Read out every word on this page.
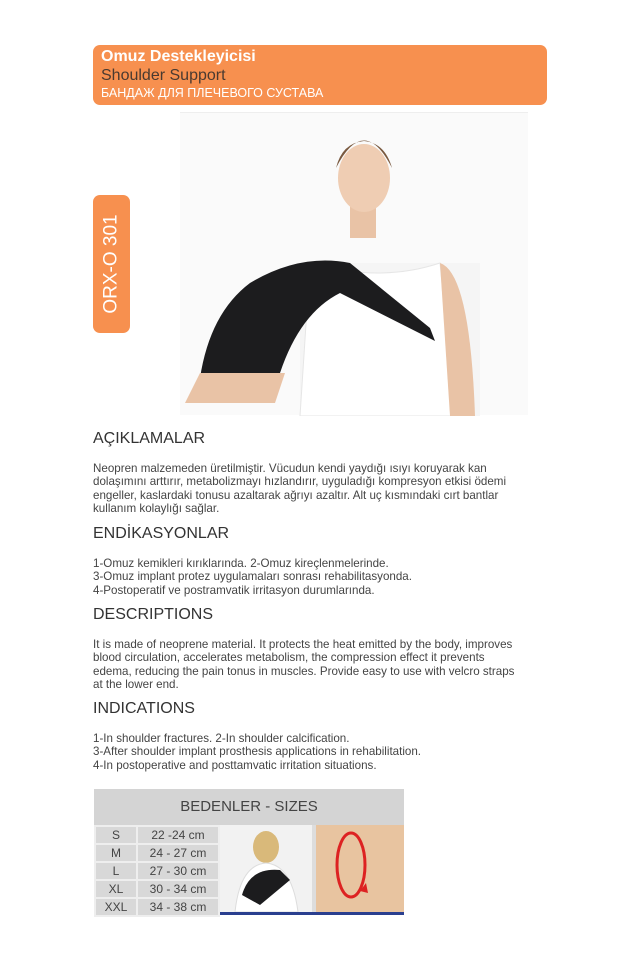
Omuz Destekleyicisi
Shoulder Support
БАНДАЖ ДЛЯ ПЛЕЧЕВОГО СУСТАВА
ORX-O 301
AÇIKLAMALAR
Neopren malzemeden üretilmiştir. Vücudun kendi yaydığı ısıyı koruyarak kan
dolaşımını arttırır, metabolizmayı hızlandırır, uyguladığı kompresyon etkisi ödemi
engeller, kaslardaki tonusu azaltarak ağrıyı azaltır. Alt uç kısmındaki cırt bantlar
kullanım kolaylığı sağlar.
ENDİKASYONLAR
1-Omuz kemikleri kırıklarında. 2-Omuz kireçlenmelerinde.
3-Omuz implant protez uygulamaları sonrası rehabilitasyonda.
4-Postoperatif ve postramvatik irritasyon durumlarında.
DESCRIPTIONS
It is made of neoprene material. It protects the heat emitted by the body, improves
blood circulation, accelerates metabolism, the compression effect it prevents
edema, reducing the pain tonus in muscles. Provide easy to use with velcro straps
at the lower end.
INDICATIONS
1-In shoulder fractures. 2-In shoulder calcification.
3-After shoulder implant prosthesis applications in rehabilitation.
4-In postoperative and posttamvatic irritation situations.
BEDENLER - SIZES
S	22 -24 cm
M	24 - 27 cm
L	27 - 30 cm
XL	30 - 34 cm
XXL	34 - 38 cm
